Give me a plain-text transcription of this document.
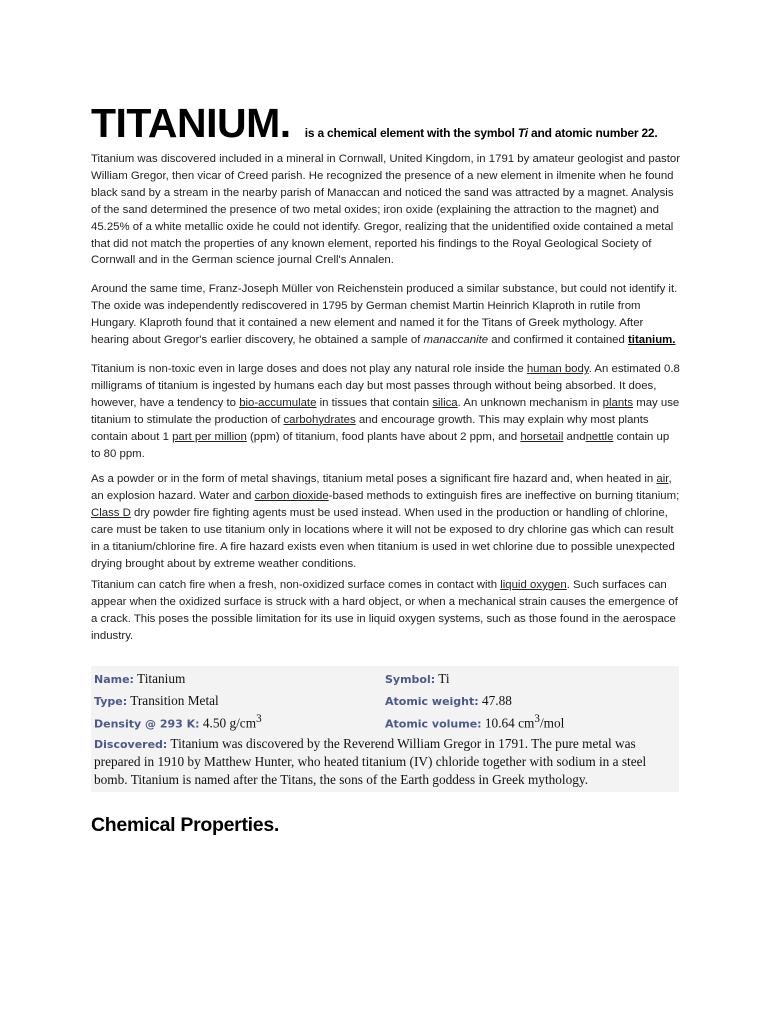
TITANIUM. is a chemical element with the symbol Ti and atomic number 22.

Titanium was discovered included in a mineral in Cornwall, United Kingdom, in 1791 by amateur geologist and pastor William Gregor, then vicar of Creed parish. He recognized the presence of a new element in ilmenite when he found black sand by a stream in the nearby parish of Manaccan and noticed the sand was attracted by a magnet. Analysis of the sand determined the presence of two metal oxides; iron oxide (explaining the attraction to the magnet) and 45.25% of a white metallic oxide he could not identify. Gregor, realizing that the unidentified oxide contained a metal that did not match the properties of any known element, reported his findings to the Royal Geological Society of Cornwall and in the German science journal Crell's Annalen.

Around the same time, Franz-Joseph Müller von Reichenstein produced a similar substance, but could not identify it. The oxide was independently rediscovered in 1795 by German chemist Martin Heinrich Klaproth in rutile from Hungary. Klaproth found that it contained a new element and named it for the Titans of Greek mythology. After hearing about Gregor's earlier discovery, he obtained a sample of manaccanite and confirmed it contained titanium.

Titanium is non-toxic even in large doses and does not play any natural role inside the human body. An estimated 0.8 milligrams of titanium is ingested by humans each day but most passes through without being absorbed. It does, however, have a tendency to bio-accumulate in tissues that contain silica. An unknown mechanism in plants may use titanium to stimulate the production of carbohydrates and encourage growth. This may explain why most plants contain about 1 part per million (ppm) of titanium, food plants have about 2 ppm, and horsetail andnettle contain up to 80 ppm.

As a powder or in the form of metal shavings, titanium metal poses a significant fire hazard and, when heated in air, an explosion hazard. Water and carbon dioxide-based methods to extinguish fires are ineffective on burning titanium; Class D dry powder fire fighting agents must be used instead. When used in the production or handling of chlorine, care must be taken to use titanium only in locations where it will not be exposed to dry chlorine gas which can result in a titanium/chlorine fire. A fire hazard exists even when titanium is used in wet chlorine due to possible unexpected drying brought about by extreme weather conditions.

Titanium can catch fire when a fresh, non-oxidized surface comes in contact with liquid oxygen. Such surfaces can appear when the oxidized surface is struck with a hard object, or when a mechanical strain causes the emergence of a crack. This poses the possible limitation for its use in liquid oxygen systems, such as those found in the aerospace industry.

Name: Titanium	Symbol: Ti
Type: Transition Metal	Atomic weight: 47.88
Density @ 293 K: 4.50 $g/cm^3$	Atomic volume: 10.64 $cm^3$/mol
Discovered: Titanium was discovered by the Reverend William Gregor in 1791. The pure metal was prepared in 1910 by Matthew Hunter, who heated titanium (IV) chloride together with sodium in a steel bomb. Titanium is named after the Titans, the sons of the Earth goddess in Greek mythology.
Chemical Properties.
